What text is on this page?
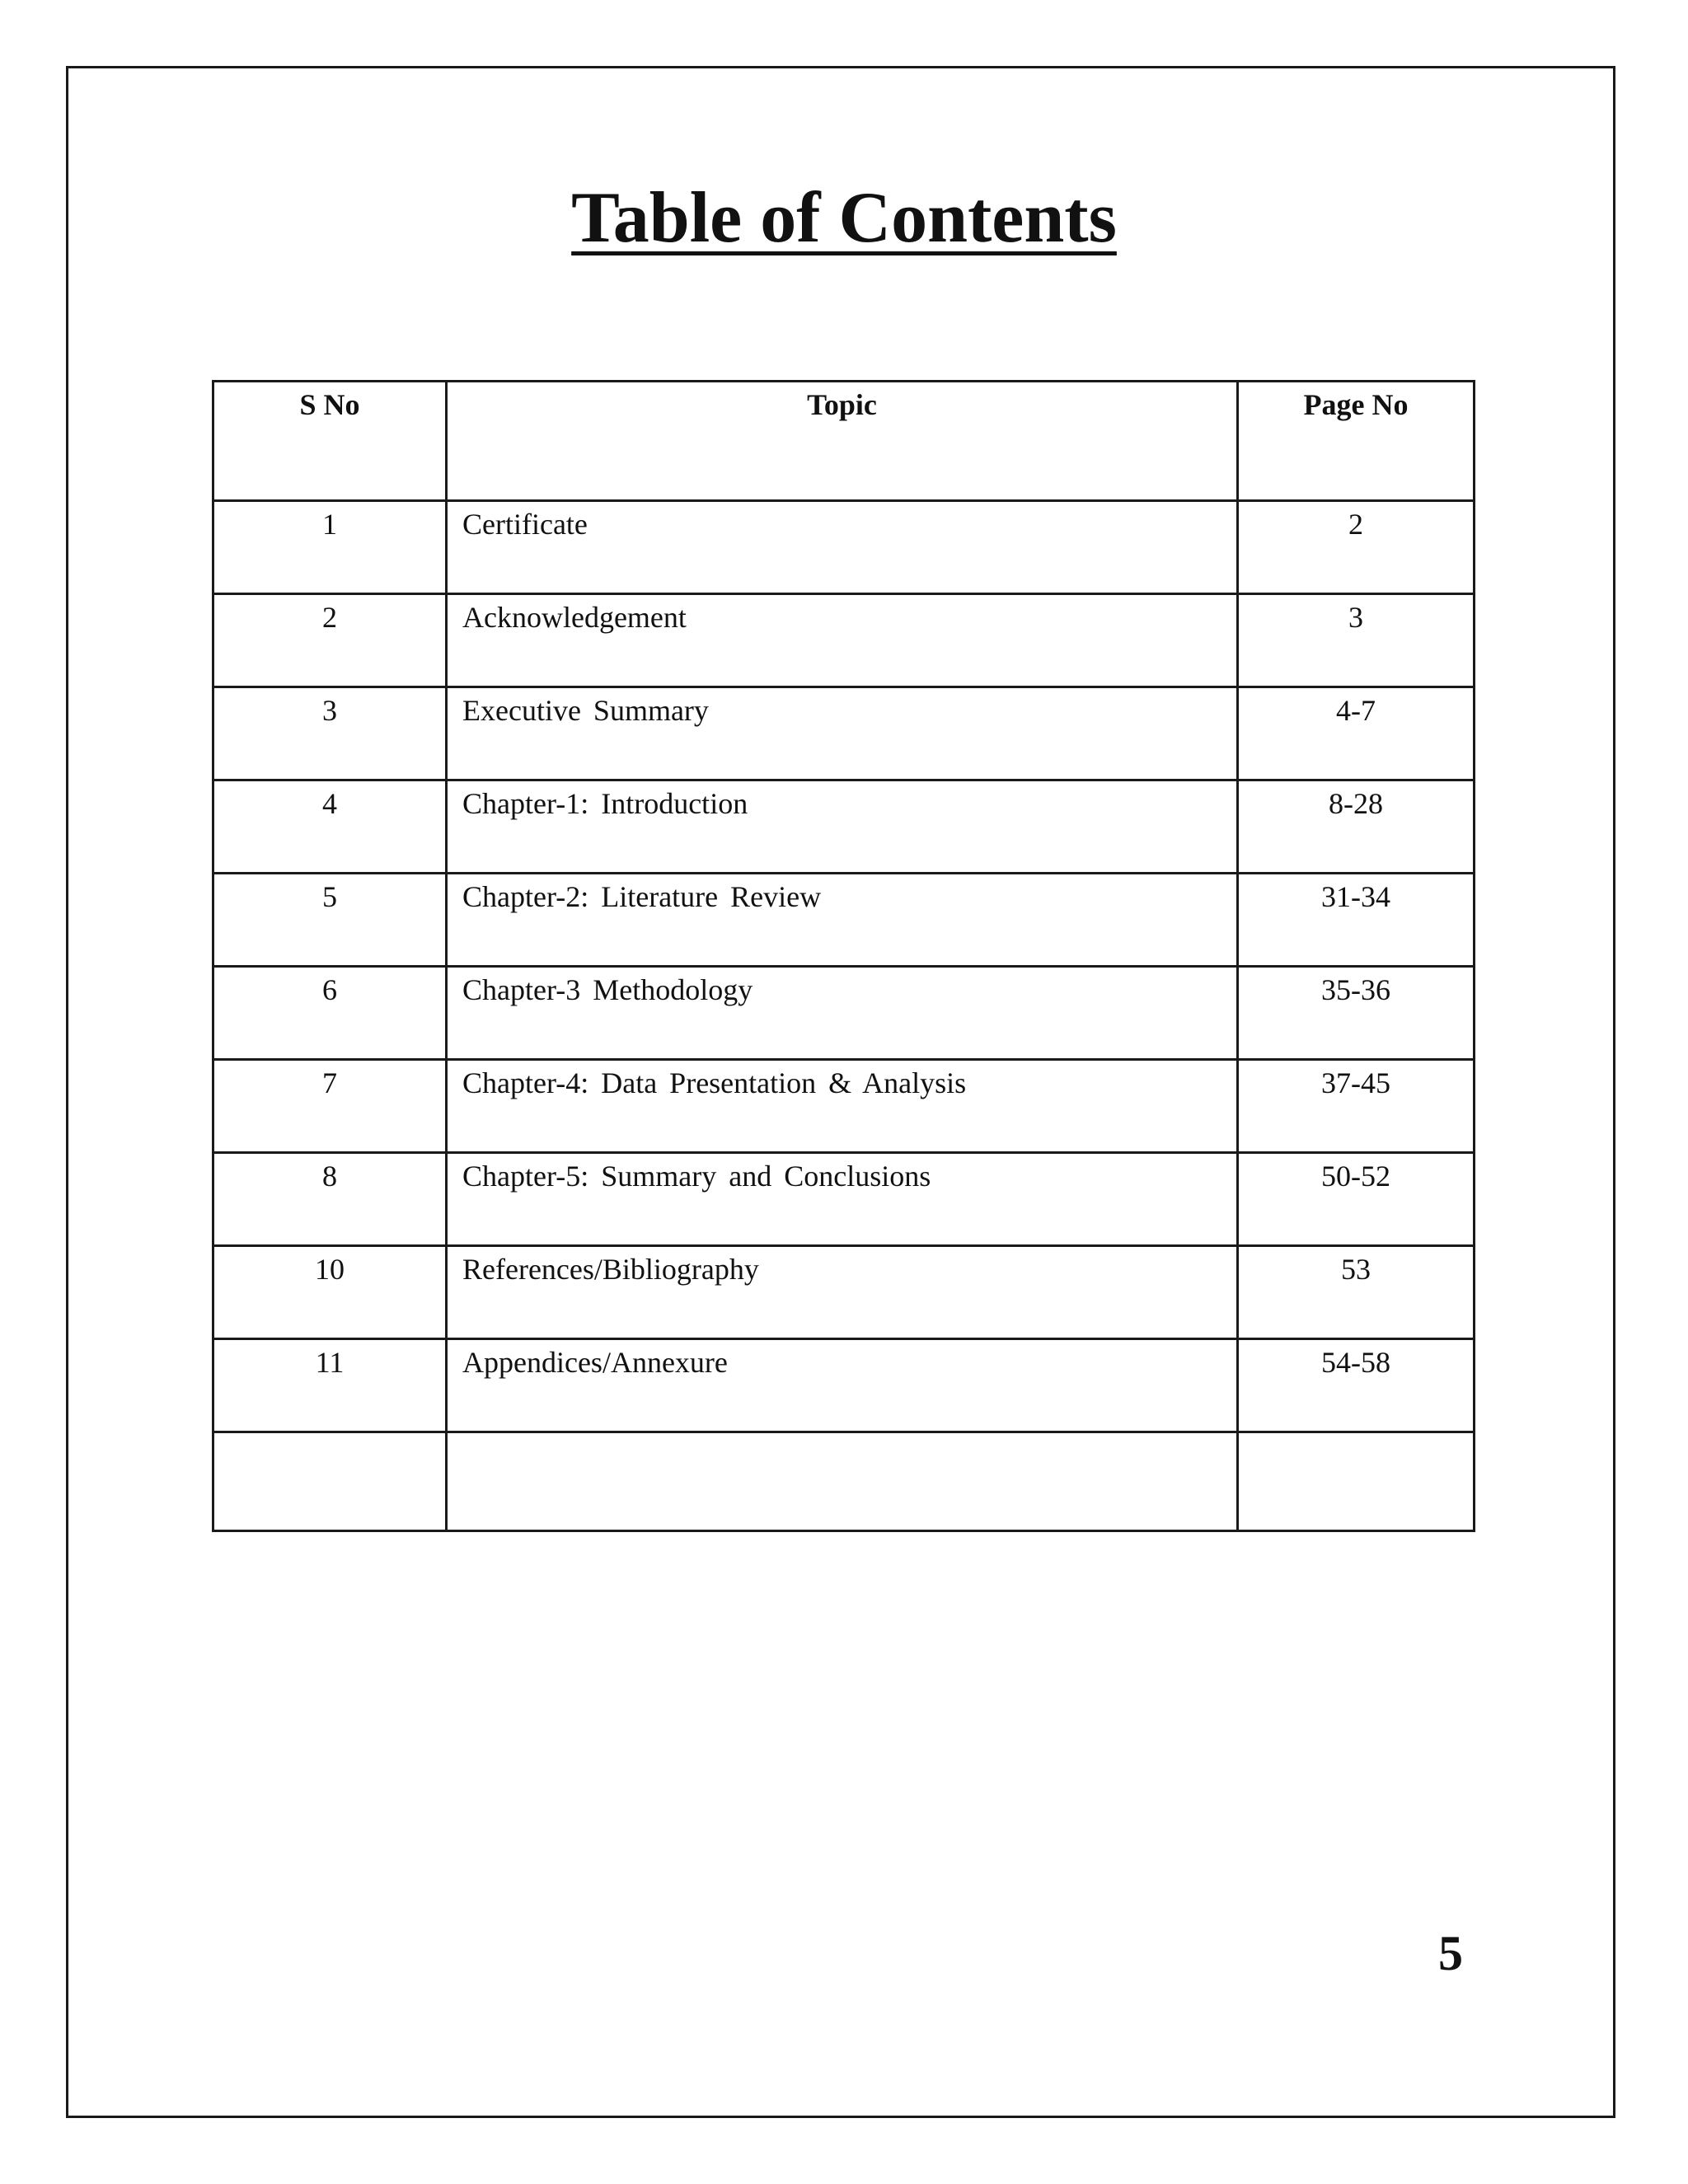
Table of Contents
S No	Topic	Page No
1	Certificate	2
2	Acknowledgement	3
3	Executive Summary	4-7
4	Chapter-1: Introduction	8-28
5	Chapter-2: Literature Review	31-34
6	Chapter-3 Methodology	35-36
7	Chapter-4: Data Presentation & Analysis	37-45
8	Chapter-5: Summary and Conclusions	50-52
10	References/Bibliography	53
11	Appendices/Annexure	54-58

5
